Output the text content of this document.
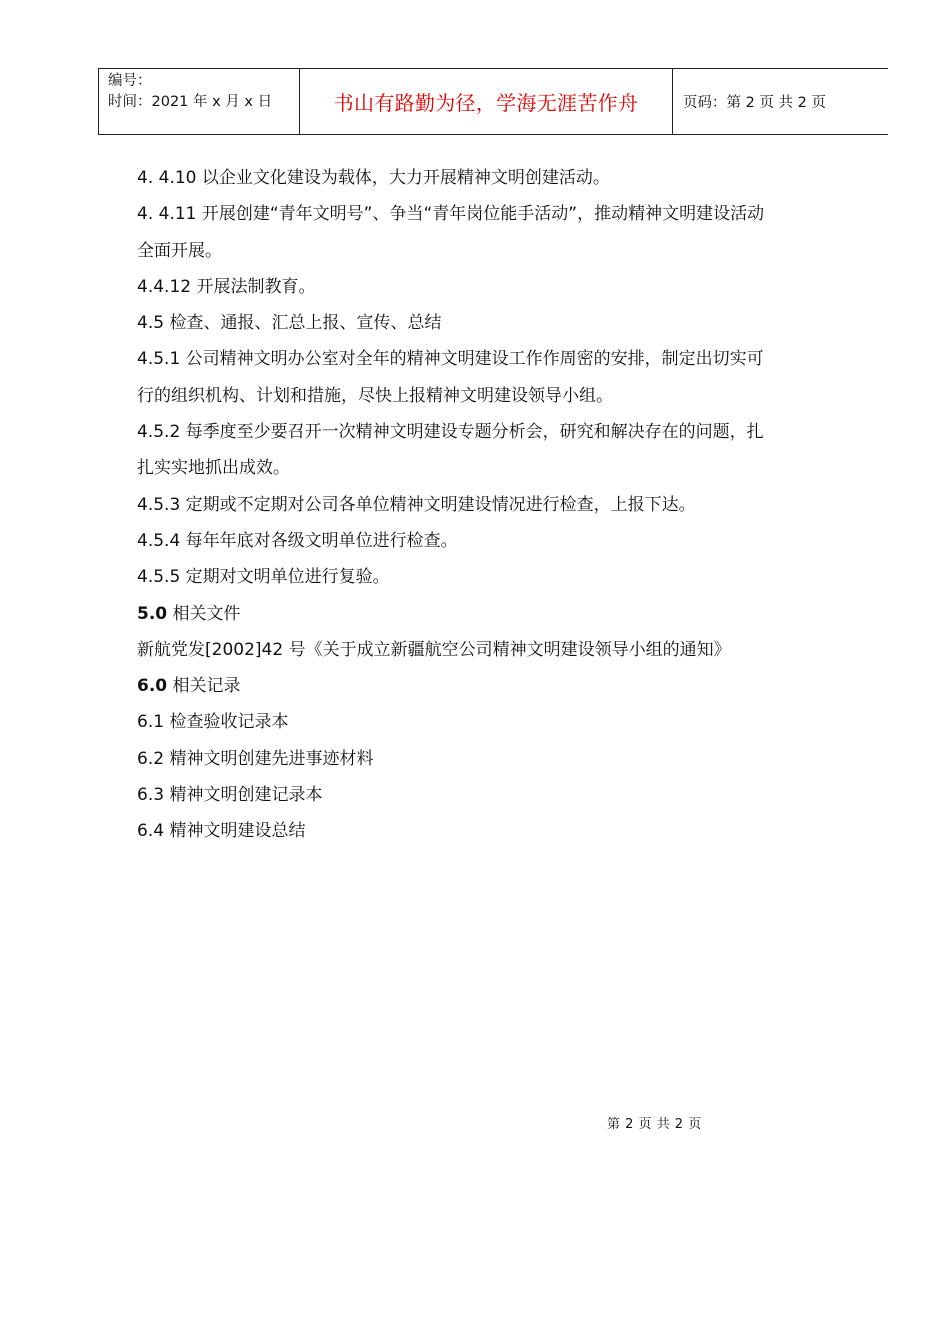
编号：
时间：2021 年 x 月 x 日	书山有路勤为径，学海无涯苦作舟	页码：第 2 页 共 2 页
4. 4.10 以企业文化建设为载体，大力开展精神文明创建活动。
4. 4.11 开展创建“青年文明号”、争当“青年岗位能手活动”，推动精神文明建设活动
全面开展。
4.4.12 开展法制教育。
4.5 检查、通报、汇总上报、宣传、总结
4.5.1 公司精神文明办公室对全年的精神文明建设工作作周密的安排，制定出切实可
行的组织机构、计划和措施，尽快上报精神文明建设领导小组。
4.5.2 每季度至少要召开一次精神文明建设专题分析会，研究和解决存在的问题，扎
扎实实地抓出成效。
4.5.3 定期或不定期对公司各单位精神文明建设情况进行检查，上报下达。
4.5.4 每年年底对各级文明单位进行检查。
4.5.5 定期对文明单位进行复验。
5.0 相关文件
新航党发[2002]42 号《关于成立新疆航空公司精神文明建设领导小组的通知》
6.0 相关记录
6.1 检查验收记录本
6.2 精神文明创建先进事迹材料
6.3 精神文明创建记录本
6.4 精神文明建设总结
第 2 页 共 2 页
